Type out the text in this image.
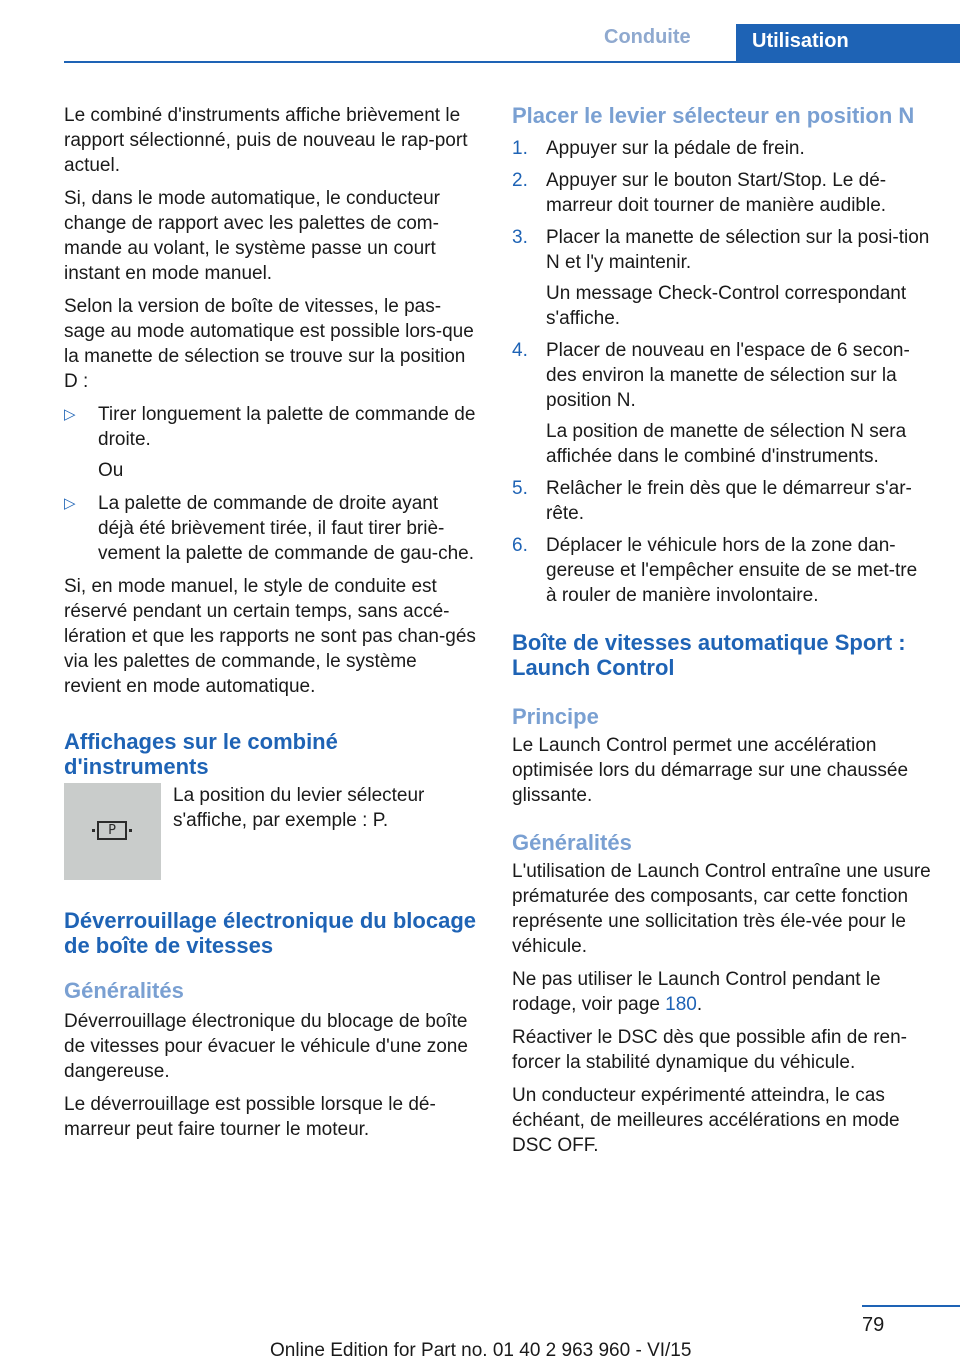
Conduite	Utilisation

Le combiné d'instruments affiche brièvement le rapport sélectionné, puis de nouveau le rap‐port actuel.

Si, dans le mode automatique, le conducteur change de rapport avec les palettes de com‐mande au volant, le système passe un court instant en mode manuel.

Selon la version de boîte de vitesses, le pas‐sage au mode automatique est possible lors‐que la manette de sélection se trouve sur la position D :

▷	Tirer longuement la palette de commande de droite.
Ou
▷	La palette de commande de droite ayant déjà été brièvement tirée, il faut tirer briè‐vement la palette de commande de gau‐che.

Si, en mode manuel, le style de conduite est réservé pendant un certain temps, sans accé‐lération et que les rapports ne sont pas chan‐gés via les palettes de commande, le système revient en mode automatique.

Affichages sur le combiné d'instruments
P
La position du levier sélecteur s'affiche, par exemple : P.
Déverrouillage électronique du blocage de boîte de vitesses
Généralités

Déverrouillage électronique du blocage de boîte de vitesses pour évacuer le véhicule d'une zone dangereuse.

Le déverrouillage est possible lorsque le dé‐marreur peut faire tourner le moteur.

Placer le levier sélecteur en position N
1. Appuyer sur la pédale de frein.
2. Appuyer sur le bouton Start/Stop. Le dé‐marreur doit tourner de manière audible.
3. Placer la manette de sélection sur la posi‐tion N et l'y maintenir.
Un message Check-Control correspondant s'affiche.
4. Placer de nouveau en l'espace de 6 secon‐des environ la manette de sélection sur la position N.
La position de manette de sélection N sera affichée dans le combiné d'instruments.
5. Relâcher le frein dès que le démarreur s'ar‐rête.
6. Déplacer le véhicule hors de la zone dan‐gereuse et l'empêcher ensuite de se met‐tre à rouler de manière involontaire.
Boîte de vitesses automatique Sport : Launch Control
Principe

Le Launch Control permet une accélération optimisée lors du démarrage sur une chaussée glissante.

Généralités

L'utilisation de Launch Control entraîne une usure prématurée des composants, car cette fonction représente une sollicitation très éle‐vée pour le véhicule.

Ne pas utiliser le Launch Control pendant le rodage, voir page 180.

Réactiver le DSC dès que possible afin de ren‐forcer la stabilité dynamique du véhicule.

Un conducteur expérimenté atteindra, le cas échéant, de meilleures accélérations en mode DSC OFF.

79
Online Edition for Part no. 01 40 2 963 960 - VI/15
